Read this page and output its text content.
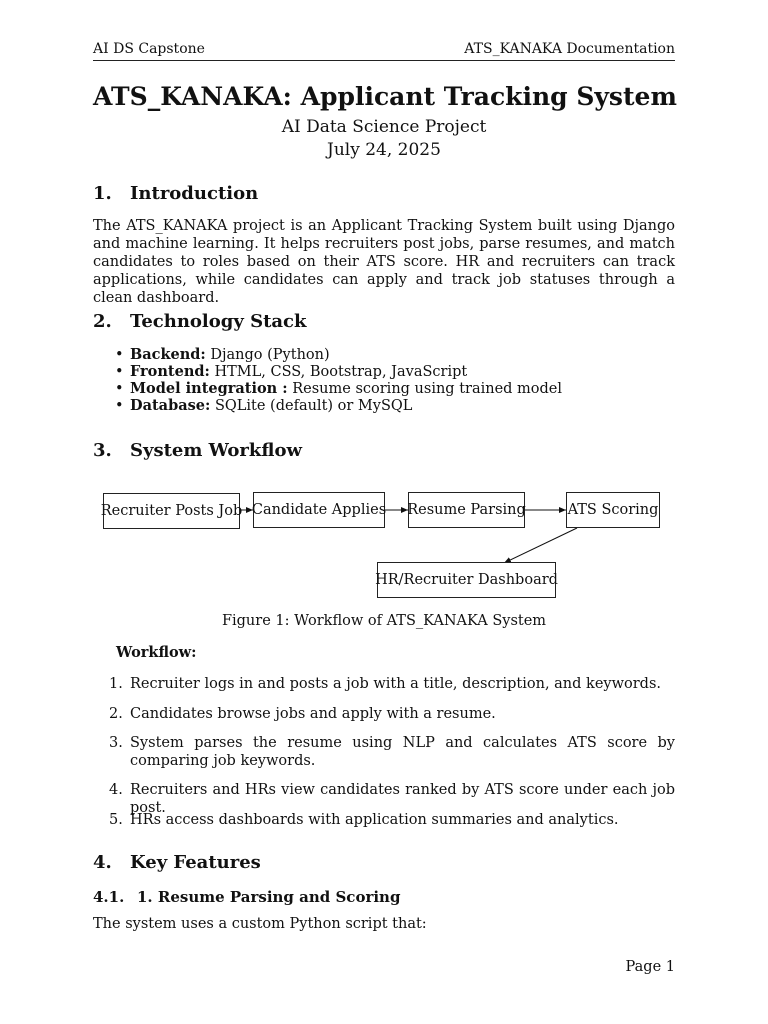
AI DS Capstone	ATS_KANAKA Documentation
ATS_KANAKA: Applicant Tracking System
AI Data Science Project
July 24, 2025
1. Introduction
The ATS_KANAKA project is an Applicant Tracking System built using Django and machine learning. It helps recruiters post jobs, parse resumes, and match candidates to roles based on their ATS score. HR and recruiters can track applications, while candidates can apply and track job statuses through a clean dashboard.
2. Technology Stack
• Backend: Django (Python)
• Frontend: HTML, CSS, Bootstrap, JavaScript
• Model integration : Resume scoring using trained model
• Database: SQLite (default) or MySQL
3. System Workflow
Recruiter Posts Job Candidate Applies Resume Parsing	ATS Scoring
HR/Recruiter Dashboard
Figure 1: Workflow of ATS_KANAKA System
Workflow:
1. Recruiter logs in and posts a job with a title, description, and keywords.
2. Candidates browse jobs and apply with a resume.
3. System parses the resume using NLP and calculates ATS score by comparing job keywords.
4. Recruiters and HRs view candidates ranked by ATS score under each job post.
5. HRs access dashboards with application summaries and analytics.
4. Key Features
4.1. 1. Resume Parsing and Scoring
The system uses a custom Python script that:
Page 1
